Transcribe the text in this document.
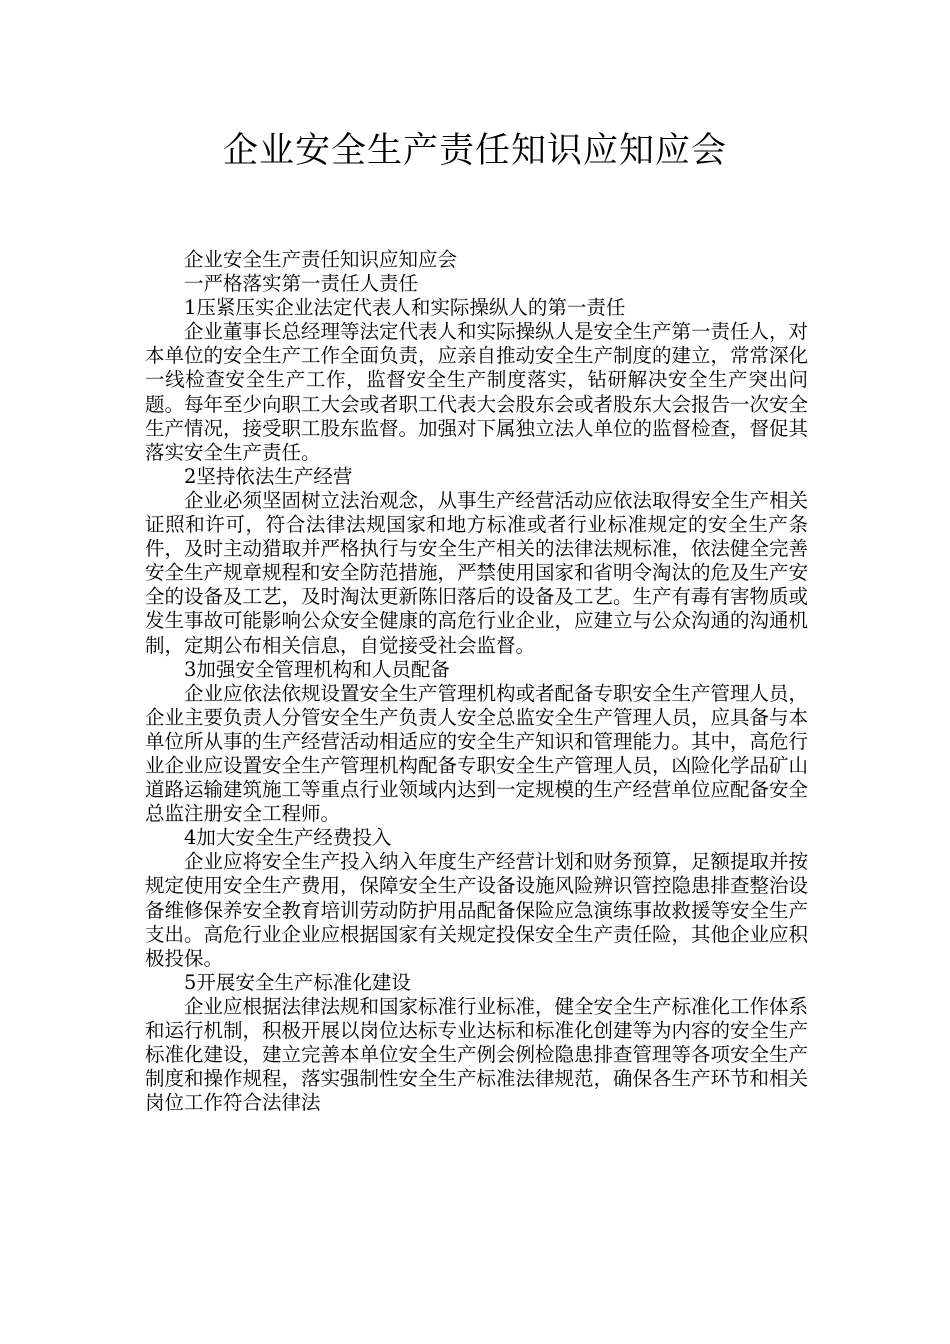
企业安全生产责任知识应知应会

企业安全生产责任知识应知应会

一严格落实第一责任人责任

1压紧压实企业法定代表人和实际操纵人的第一责任

企业董事长总经理等法定代表人和实际操纵人是安全生产第一责任人，对本单位的安全生产工作全面负责，应亲自推动安全生产制度的建立，常常深化一线检查安全生产工作，监督安全生产制度落实，钻研解决安全生产突出问题。每年至少向职工大会或者职工代表大会股东会或者股东大会报告一次安全生产情况，接受职工股东监督。加强对下属独立法人单位的监督检查，督促其落实安全生产责任。

2坚持依法生产经营

企业必须坚固树立法治观念，从事生产经营活动应依法取得安全生产相关证照和许可，符合法律法规国家和地方标准或者行业标准规定的安全生产条件，及时主动猎取并严格执行与安全生产相关的法律法规标准，依法健全完善安全生产规章规程和安全防范措施，严禁使用国家和省明令淘汰的危及生产安全的设备及工艺，及时淘汰更新陈旧落后的设备及工艺。生产有毒有害物质或发生事故可能影响公众安全健康的高危行业企业，应建立与公众沟通的沟通机制，定期公布相关信息，自觉接受社会监督。

3加强安全管理机构和人员配备

企业应依法依规设置安全生产管理机构或者配备专职安全生产管理人员，企业主要负责人分管安全生产负责人安全总监安全生产管理人员，应具备与本单位所从事的生产经营活动相适应的安全生产知识和管理能力。其中，高危行业企业应设置安全生产管理机构配备专职安全生产管理人员，凶险化学品矿山道路运输建筑施工等重点行业领域内达到一定规模的生产经营单位应配备安全总监注册安全工程师。

4加大安全生产经费投入

企业应将安全生产投入纳入年度生产经营计划和财务预算，足额提取并按规定使用安全生产费用，保障安全生产设备设施风险辨识管控隐患排查整治设备维修保养安全教育培训劳动防护用品配备保险应急演练事故救援等安全生产支出。高危行业企业应根据国家有关规定投保安全生产责任险，其他企业应积极投保。

5开展安全生产标准化建设

企业应根据法律法规和国家标准行业标准，健全安全生产标准化工作体系和运行机制，积极开展以岗位达标专业达标和标准化创建等为内容的安全生产标准化建设，建立完善本单位安全生产例会例检隐患排查管理等各项安全生产制度和操作规程，落实强制性安全生产标准法律规范，确保各生产环节和相关岗位工作符合法律法
